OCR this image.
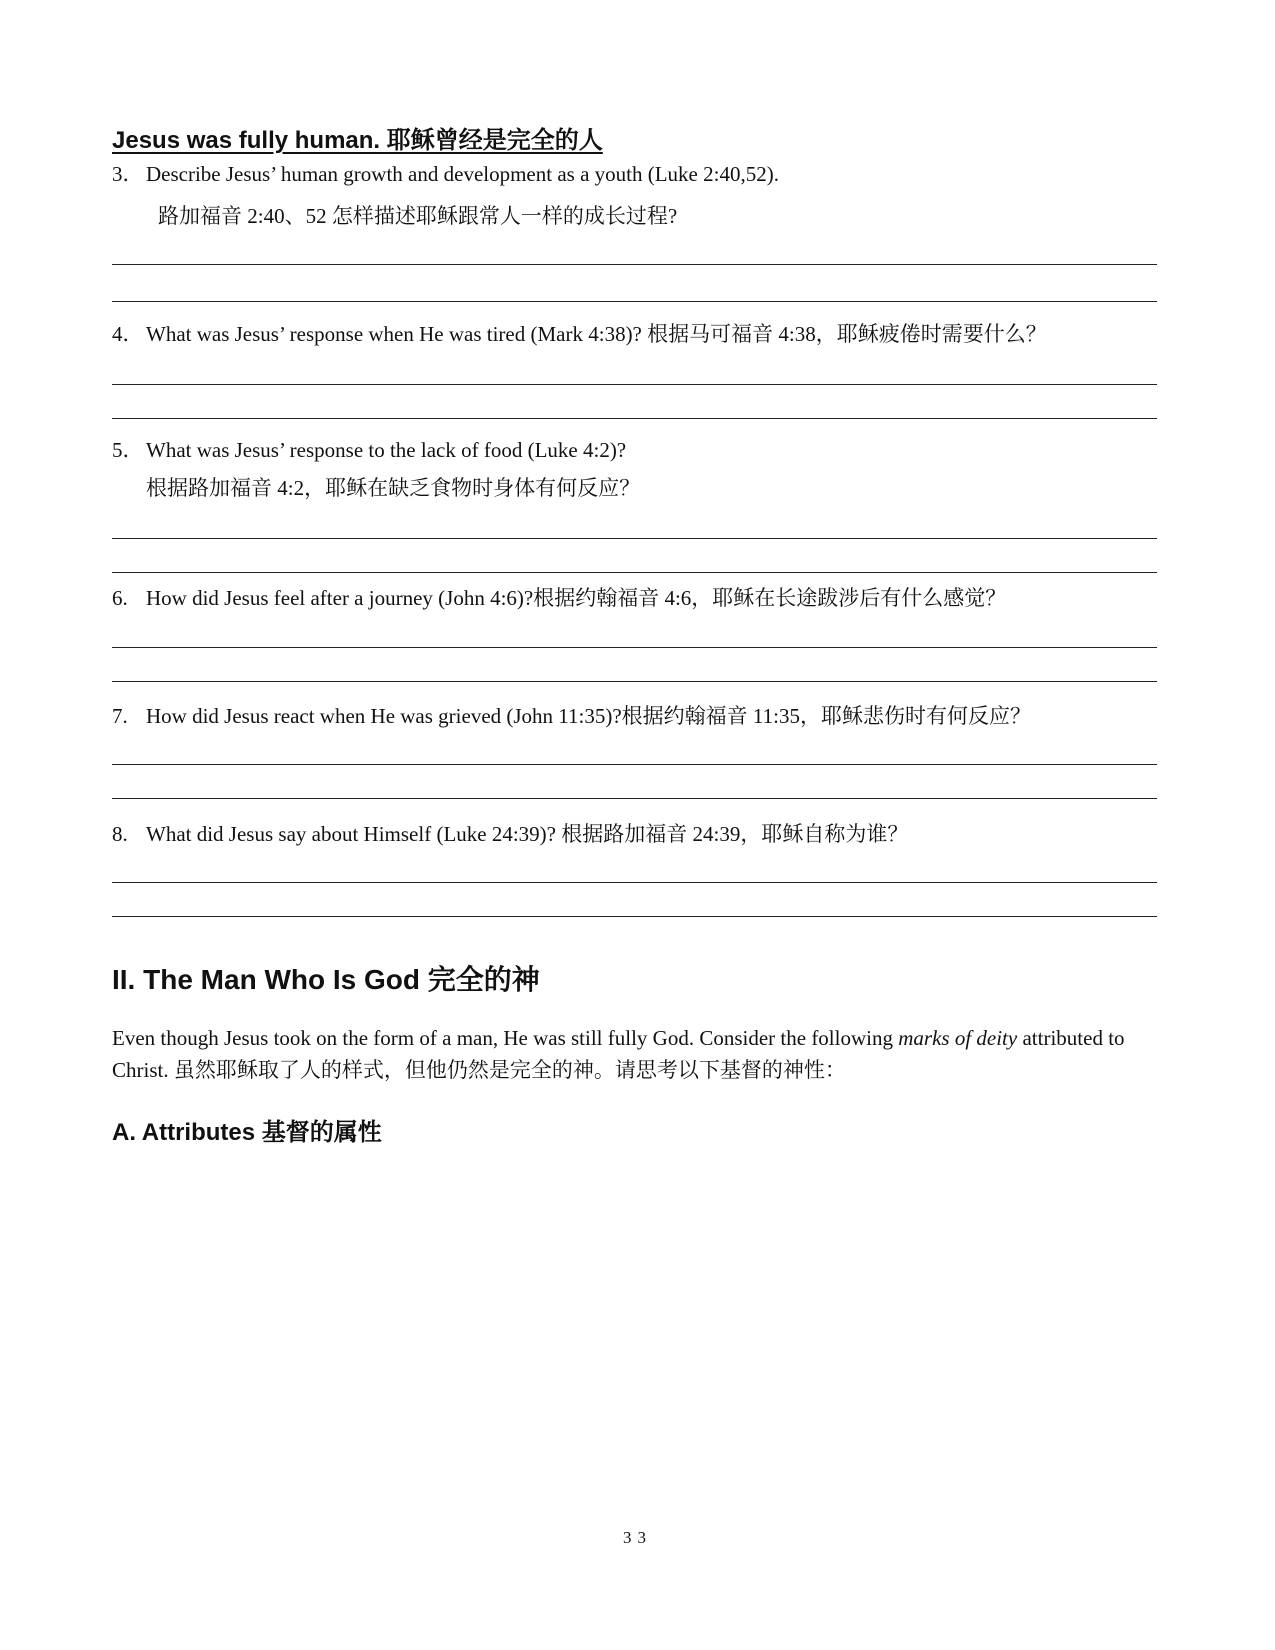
Jesus was fully human. 耶稣曾经是完全的人
3． Describe Jesus’ human growth and development as a youth (Luke 2:40,52).
路加福音 2:40、52 怎样描述耶稣跟常人一样的成长过程?
4． What was Jesus’ response when He was tired (Mark 4:38)? 根据马可福音 4:38，耶稣疲倦时需要什么？
5． What was Jesus’ response to the lack of food (Luke 4:2)?
根据路加福音 4:2，耶稣在缺乏食物时身体有何反应？
6. How did Jesus feel after a journey (John 4:6)?根据约翰福音 4:6，耶稣在长途跋涉后有什么感觉？
7. How did Jesus react when He was grieved (John 11:35)?根据约翰福音 11:35，耶稣悲伤时有何反应？
8. What did Jesus say about Himself (Luke 24:39)? 根据路加福音 24:39，耶稣自称为谁？
II. The Man Who Is God 完全的神
Even though Jesus took on the form of a man, He was still fully God. Consider the following marks of deity attributed to Christ. 虽然耶稣取了人的样式，但他仍然是完全的神。请思考以下基督的神性：
A. Attributes 基督的属性
33
